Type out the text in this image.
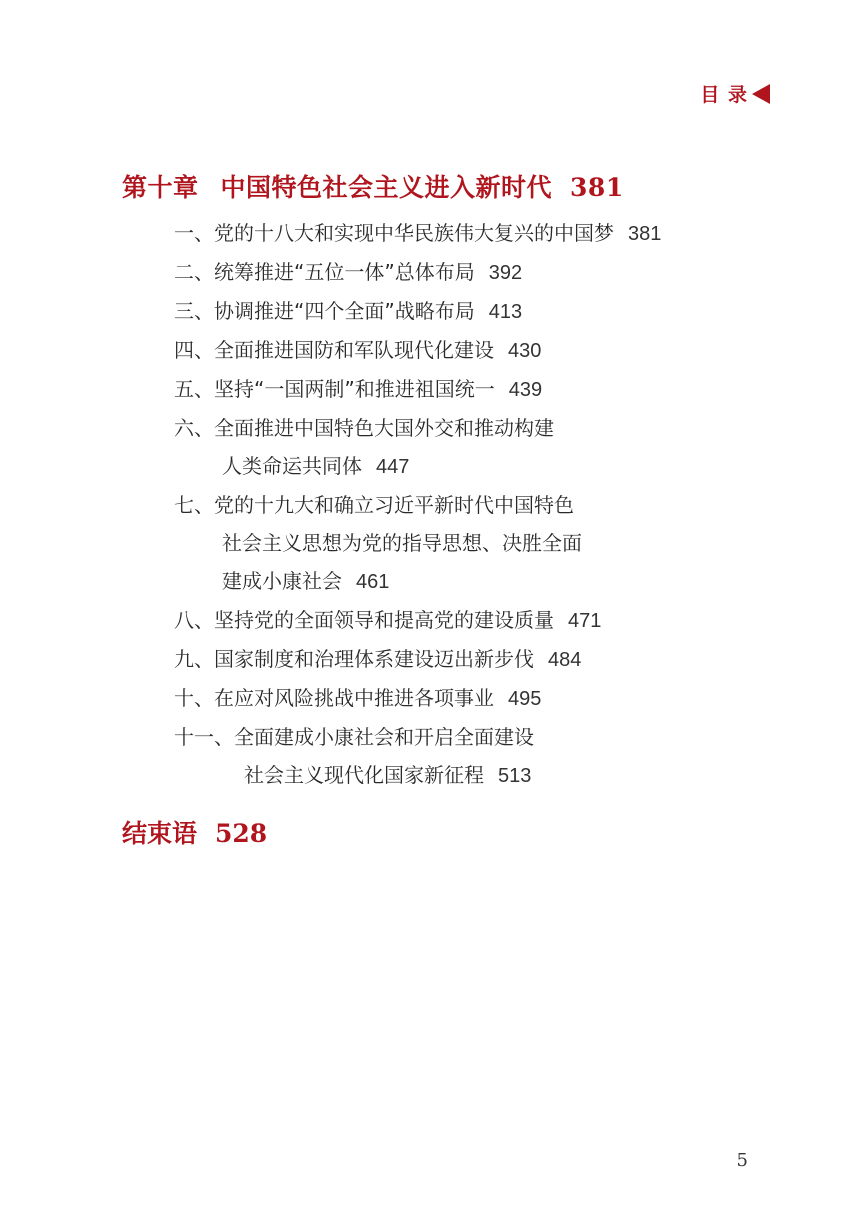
目 录
第十章 中国特色社会主义进入新时代 381
一、党的十八大和实现中华民族伟大复兴的中国梦 381
二、统筹推进“五位一体”总体布局 392
三、协调推进“四个全面”战略布局 413
四、全面推进国防和军队现代化建设 430
五、坚持“一国两制”和推进祖国统一 439
六、全面推进中国特色大国外交和推动构建
人类命运共同体 447
七、党的十九大和确立习近平新时代中国特色
社会主义思想为党的指导思想、决胜全面
建成小康社会 461
八、坚持党的全面领导和提高党的建设质量 471
九、国家制度和治理体系建设迈出新步伐 484
十、在应对风险挑战中推进各项事业 495
十一、全面建成小康社会和开启全面建设
社会主义现代化国家新征程 513
结束语 528
5
